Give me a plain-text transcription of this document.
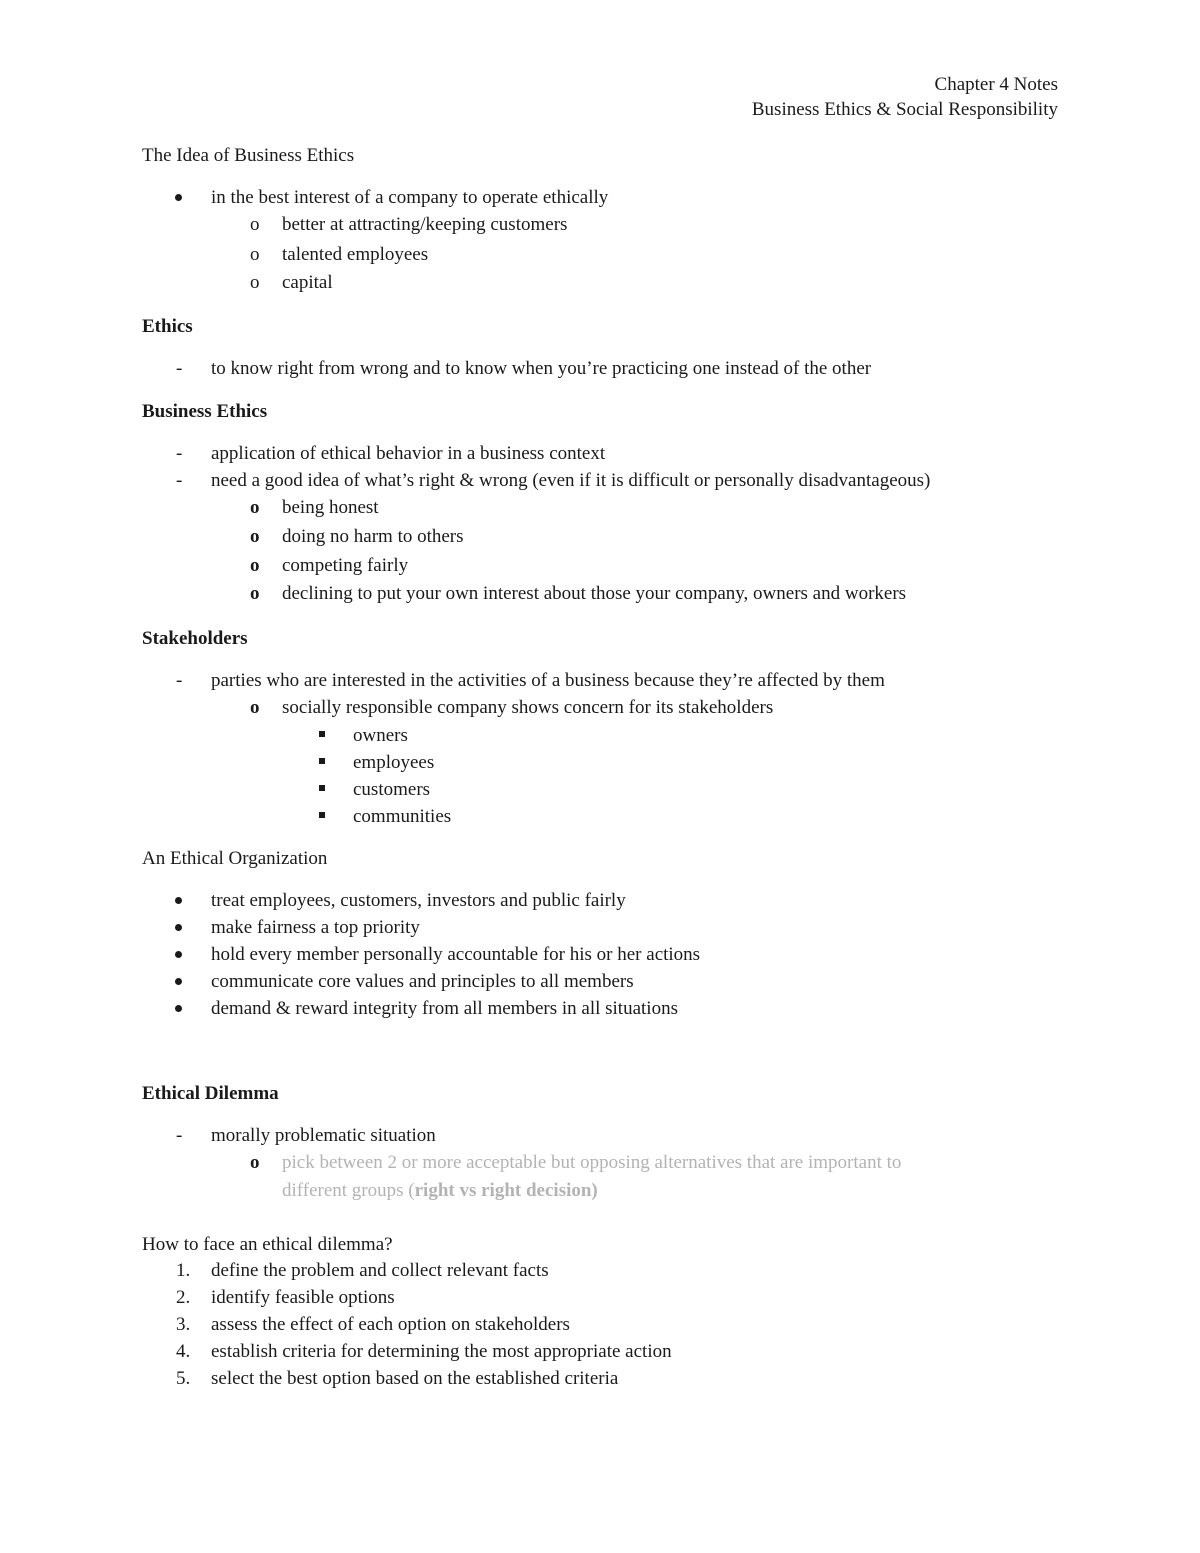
Chapter 4 Notes
Business Ethics & Social Responsibility
The Idea of Business Ethics
in the best interest of a company to operate ethically
o better at attracting/keeping customers
o talented employees
o capital
Ethics
- to know right from wrong and to know when you’re practicing one instead of the other
Business Ethics
- application of ethical behavior in a business context
- need a good idea of what’s right & wrong (even if it is difficult or personally disadvantageous)
o being honest
o doing no harm to others
o competing fairly
o declining to put your own interest about those your company, owners and workers
Stakeholders
- parties who are interested in the activities of a business because they’re affected by them
o socially responsible company shows concern for its stakeholders
owners
employees
customers
communities
An Ethical Organization
treat employees, customers, investors and public fairly
make fairness a top priority
hold every member personally accountable for his or her actions
communicate core values and principles to all members
demand & reward integrity from all members in all situations
Ethical Dilemma
- morally problematic situation
o pick between 2 or more acceptable but opposing alternatives that are important to
different groups (right vs right decision)
How to face an ethical dilemma?
1. define the problem and collect relevant facts
2. identify feasible options
3. assess the effect of each option on stakeholders
4. establish criteria for determining the most appropriate action
5. select the best option based on the established criteria
